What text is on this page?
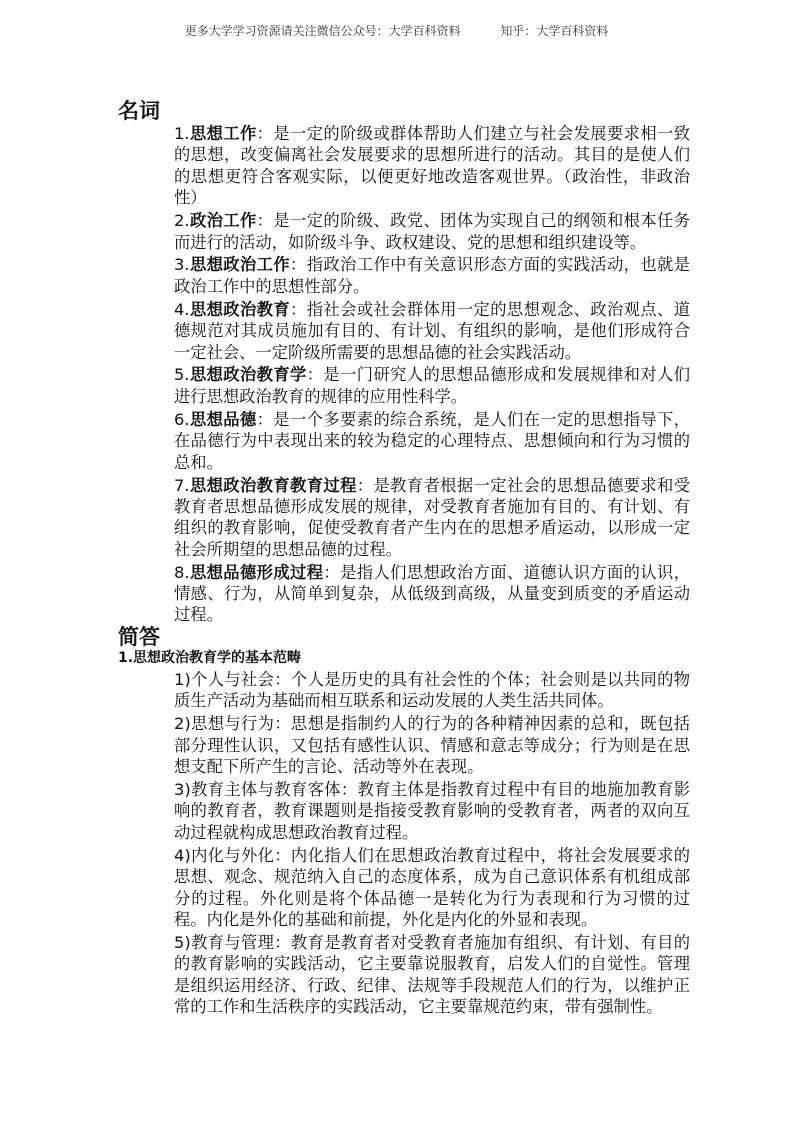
更多大学学习资源请关注微信公众号：大学百科资料	知乎：大学百科资料
名词

1.思想工作：是一定的阶级或群体帮助人们建立与社会发展要求相一致的思想，改变偏离社会发展要求的思想所进行的活动。其目的是使人们的思想更符合客观实际，以便更好地改造客观世界。（政治性，非政治性）

2.政治工作：是一定的阶级、政党、团体为实现自己的纲领和根本任务而进行的活动，如阶级斗争、政权建设、党的思想和组织建设等。

3.思想政治工作：指政治工作中有关意识形态方面的实践活动，也就是政治工作中的思想性部分。

4.思想政治教育：指社会或社会群体用一定的思想观念、政治观点、道德规范对其成员施加有目的、有计划、有组织的影响，是他们形成符合一定社会、一定阶级所需要的思想品德的社会实践活动。

5.思想政治教育学：是一门研究人的思想品德形成和发展规律和对人们进行思想政治教育的规律的应用性科学。

6.思想品德：是一个多要素的综合系统，是人们在一定的思想指导下，在品德行为中表现出来的较为稳定的心理特点、思想倾向和行为习惯的总和。

7.思想政治教育教育过程：是教育者根据一定社会的思想品德要求和受教育者思想品德形成发展的规律，对受教育者施加有目的、有计划、有组织的教育影响，促使受教育者产生内在的思想矛盾运动，以形成一定社会所期望的思想品德的过程。

8.思想品德形成过程：是指人们思想政治方面、道德认识方面的认识，情感、行为，从简单到复杂，从低级到高级，从量变到质变的矛盾运动过程。

简答
1.思想政治教育学的基本范畴

1)个人与社会：个人是历史的具有社会性的个体；社会则是以共同的物质生产活动为基础而相互联系和运动发展的人类生活共同体。

2)思想与行为：思想是指制约人的行为的各种精神因素的总和，既包括部分理性认识，又包括有感性认识、情感和意志等成分；行为则是在思想支配下所产生的言论、活动等外在表现。

3)教育主体与教育客体：教育主体是指教育过程中有目的地施加教育影响的教育者，教育课题则是指接受教育影响的受教育者，两者的双向互动过程就构成思想政治教育过程。

4)内化与外化：内化指人们在思想政治教育过程中，将社会发展要求的思想、观念、规范纳入自己的态度体系，成为自己意识体系有机组成部分的过程。外化则是将个体品德一是转化为行为表现和行为习惯的过程。内化是外化的基础和前提，外化是内化的外显和表现。

5)教育与管理：教育是教育者对受教育者施加有组织、有计划、有目的的教育影响的实践活动，它主要靠说服教育，启发人们的自觉性。管理是组织运用经济、行政、纪律、法规等手段规范人们的行为，以维护正常的工作和生活秩序的实践活动，它主要靠规范约束，带有强制性。
